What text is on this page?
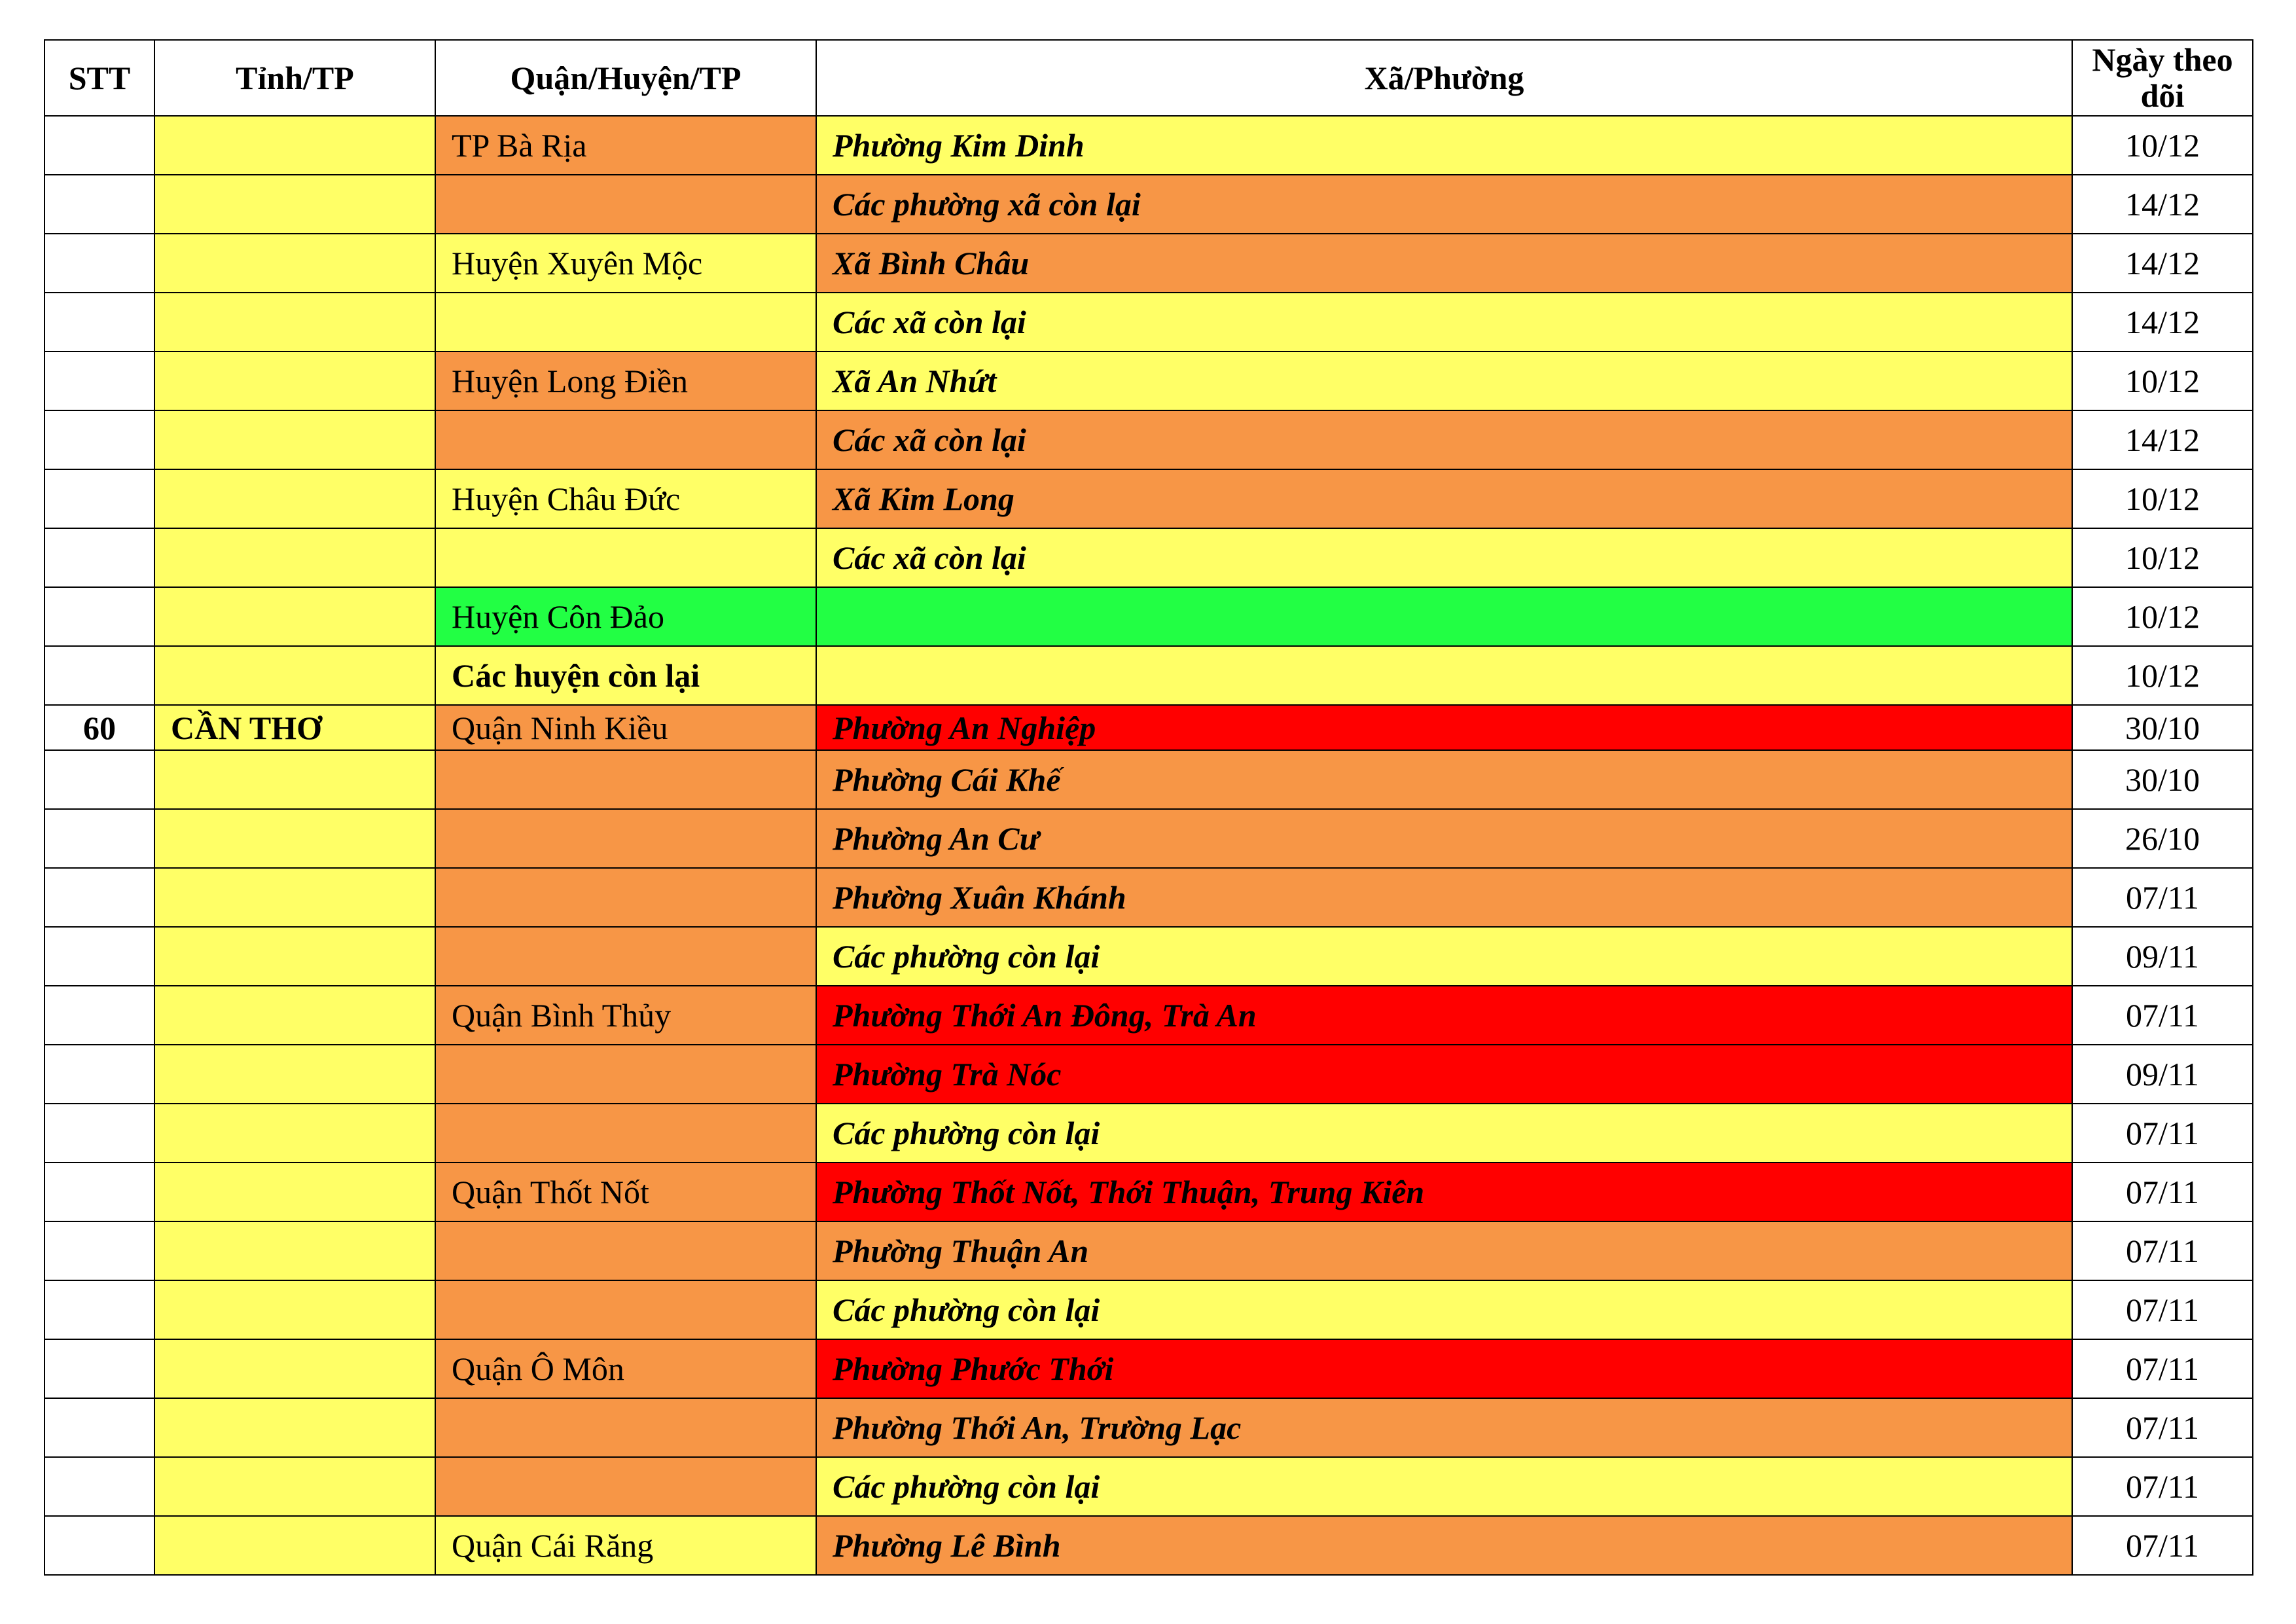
STT	Tỉnh/TP	Quận/Huyện/TP	Xã/Phường	Ngày theo dõi
		TP Bà Rịa	Phường Kim Dinh	10/12
			Các phường xã còn lại	14/12
		Huyện Xuyên Mộc	Xã Bình Châu	14/12
			Các xã còn lại	14/12
		Huyện Long Điền	Xã An Nhứt	10/12
			Các xã còn lại	14/12
		Huyện Châu Đức	Xã Kim Long	10/12
			Các xã còn lại	10/12
		Huyện Côn Đảo		10/12
		Các huyện còn lại		10/12
60	CẦN THƠ	Quận Ninh Kiều	Phường An Nghiệp	30/10
			Phường Cái Khế	30/10
			Phường An Cư	26/10
			Phường Xuân Khánh	07/11
			Các phường còn lại	09/11
		Quận Bình Thủy	Phường Thới An Đông, Trà An	07/11
			Phường Trà Nóc	09/11
			Các phường còn lại	07/11
		Quận Thốt Nốt	Phường Thốt Nốt, Thới Thuận, Trung Kiên	07/11
			Phường Thuận An	07/11
			Các phường còn lại	07/11
		Quận Ô Môn	Phường Phước Thới	07/11
			Phường Thới An, Trường Lạc	07/11
			Các phường còn lại	07/11
		Quận Cái Răng	Phường Lê Bình	07/11
